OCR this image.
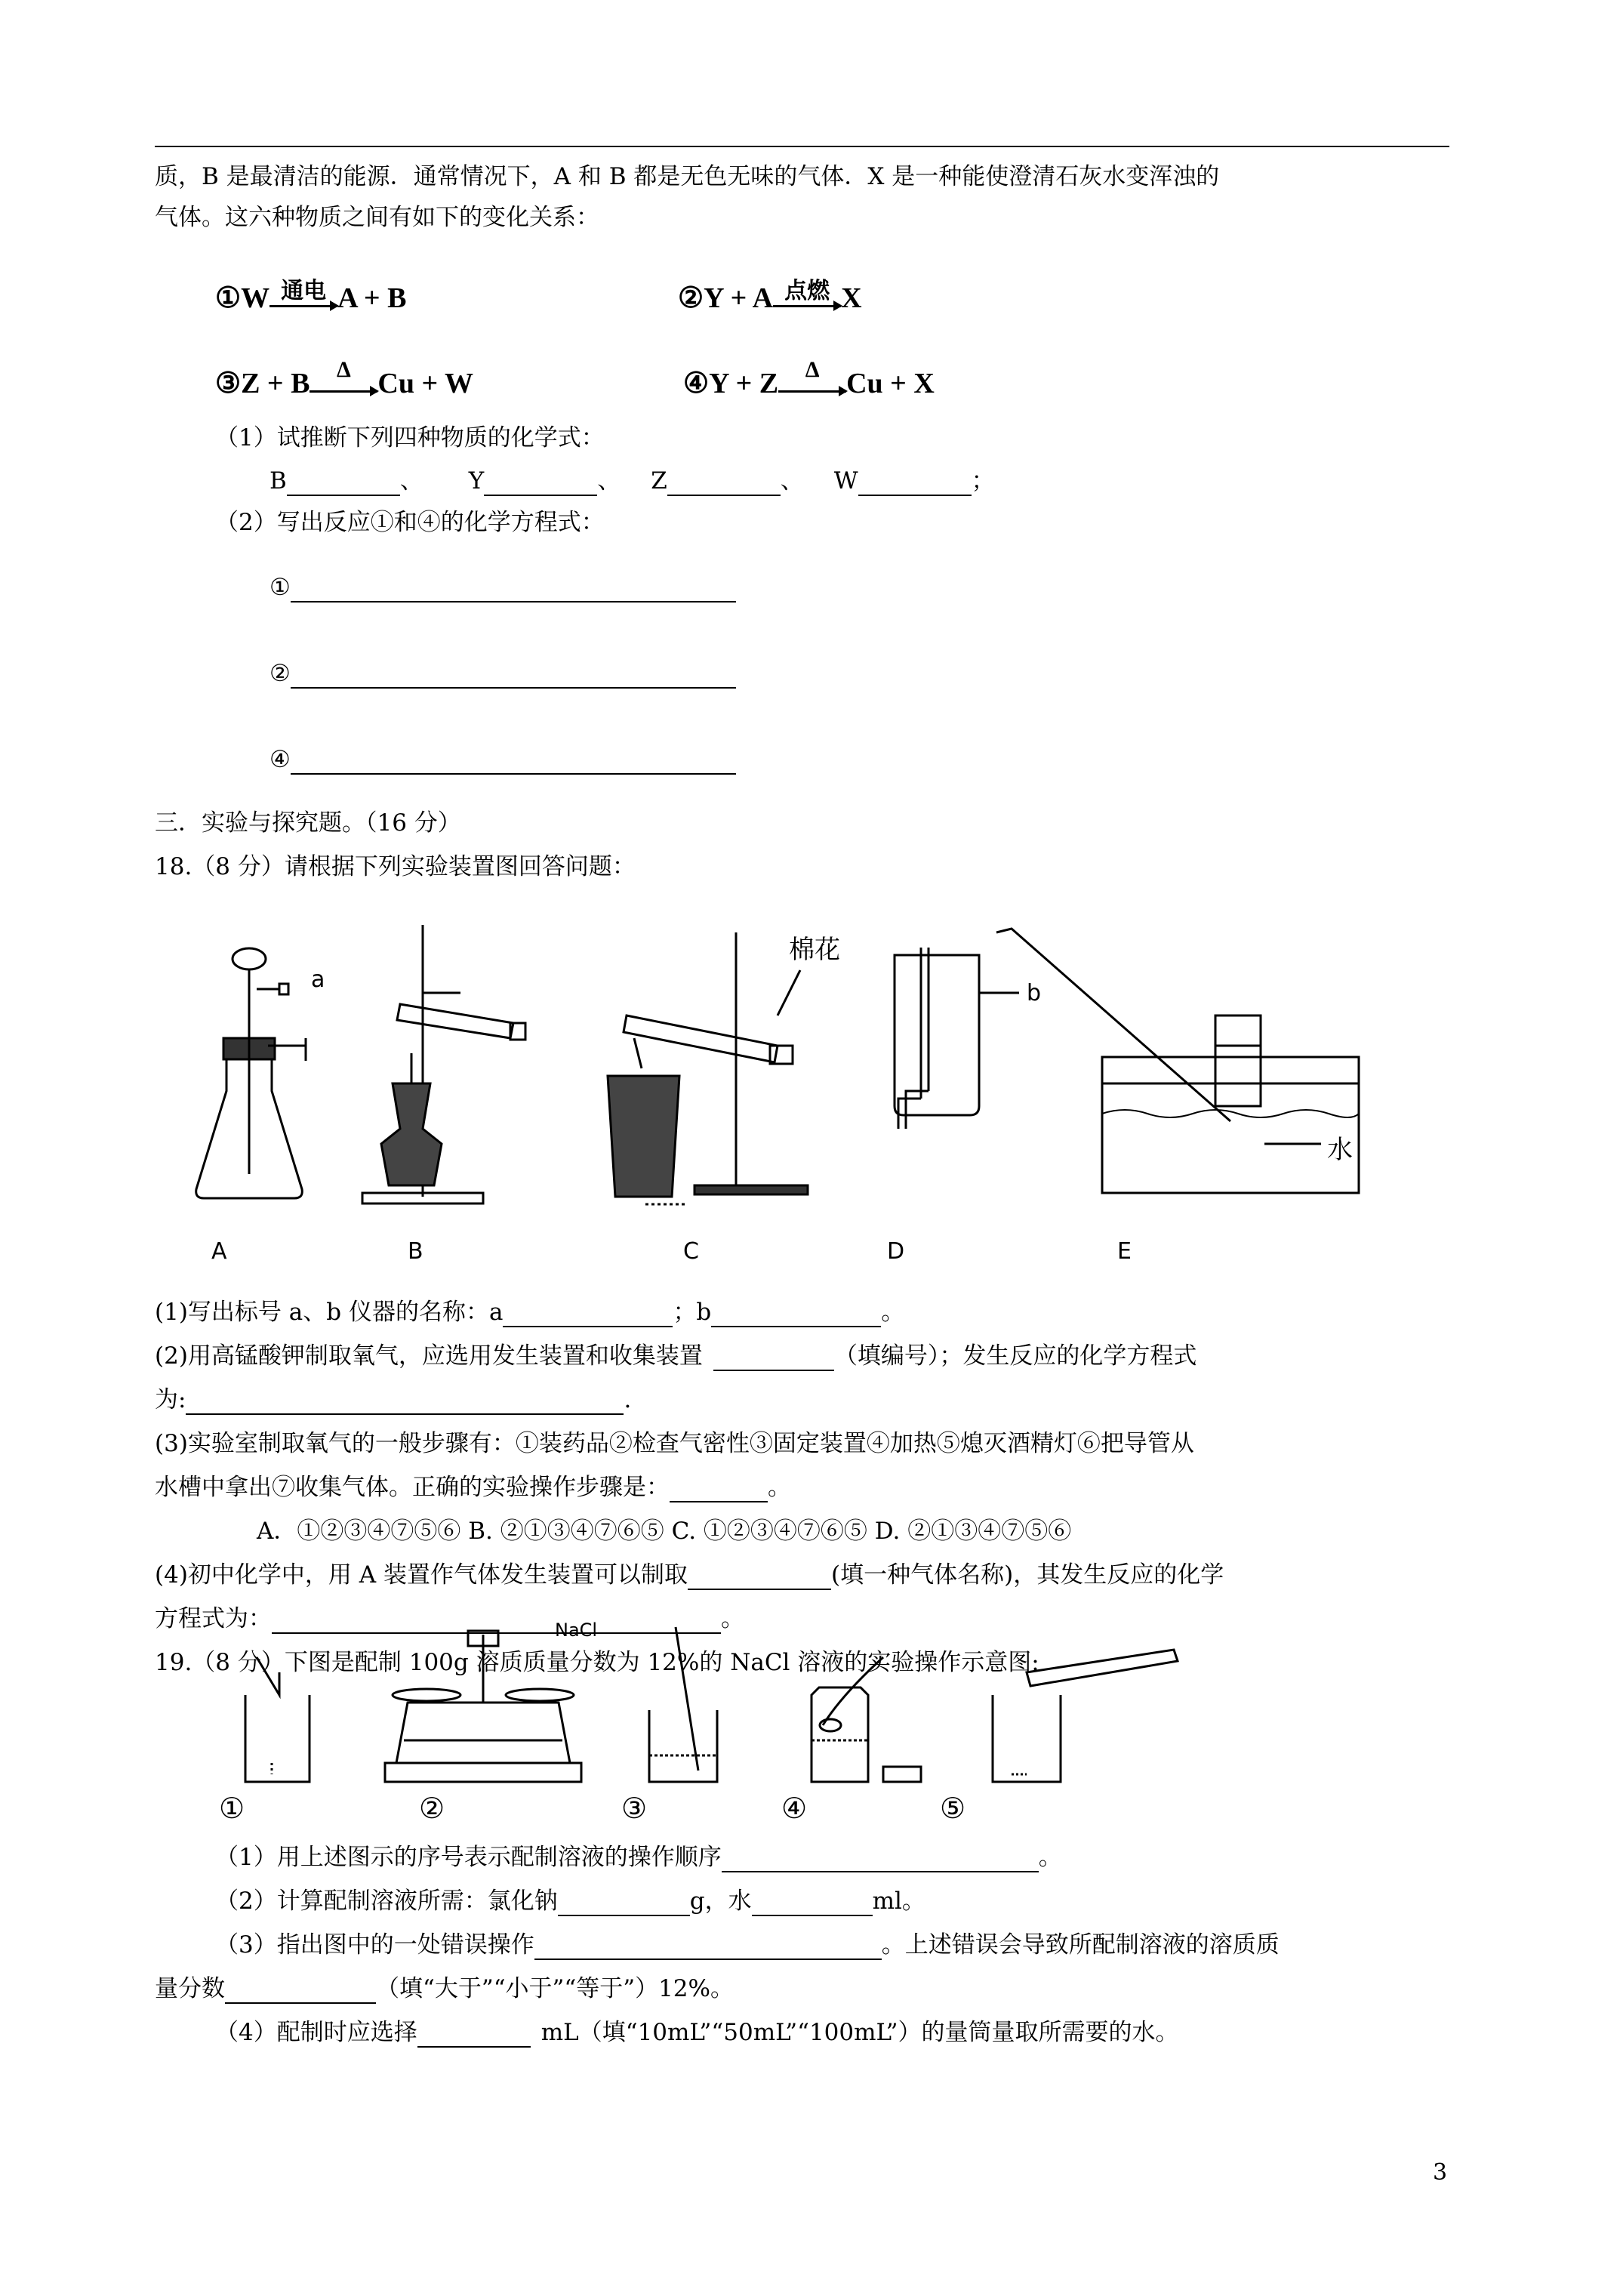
质，B 是最清洁的能源．通常情况下，A 和 B 都是无色无味的气体．X 是一种能使澄清石灰水变浑浊的
气体。这六种物质之间有如下的变化关系：
①W 通电 A + B	②Y + A 点燃 X
③Z + B	Δ Cu + W	④Y + Z	Δ Cu + X
（1）试推断下列四种物质的化学式：
B	、 Y	、 Z	、 W	；
（2）写出反应①和④的化学方程式：
①
②
④
三．实验与探究题。（16 分）
18.（8 分）请根据下列实验装置图回答问题：
棉花
a
b
水
A	B	C	D	E
(1)写出标号 a、b 仪器的名称：a	；b	。
(2)用高锰酸钾制取氧气，应选用发生装置和收集装置	（填编号）；发生反应的化学方程式
为:	.
(3)实验室制取氧气的一般步骤有：①装药品②检查气密性③固定装置④加热⑤熄灭酒精灯⑥把导管从
水槽中拿出⑦收集气体。正确的实验操作步骤是：	。
A．①②③④⑦⑤⑥ B. ②①③④⑦⑥⑤ C. ①②③④⑦⑥⑤ D. ②①③④⑦⑤⑥
(4)初中化学中，用 A 装置作气体发生装置可以制取	(填一种气体名称)，其发生反应的化学
方程式为：	。
19.（8 分）下图是配制 100g 溶质质量分数为 12%的 NaCl 溶液的实验操作示意图:
NaCl
①	②	③	④	⑤
（1）用上述图示的序号表示配制溶液的操作顺序	。
（2）计算配制溶液所需：氯化钠	g，水	ml。
（3）指出图中的一处错误操作	。上述错误会导致所配制溶液的溶质质
量分数	（填“大于”“小于”“等于”）12%。
（4）配制时应选择	mL（填“10mL”“50mL”“100mL”）的量筒量取所需要的水。
3
